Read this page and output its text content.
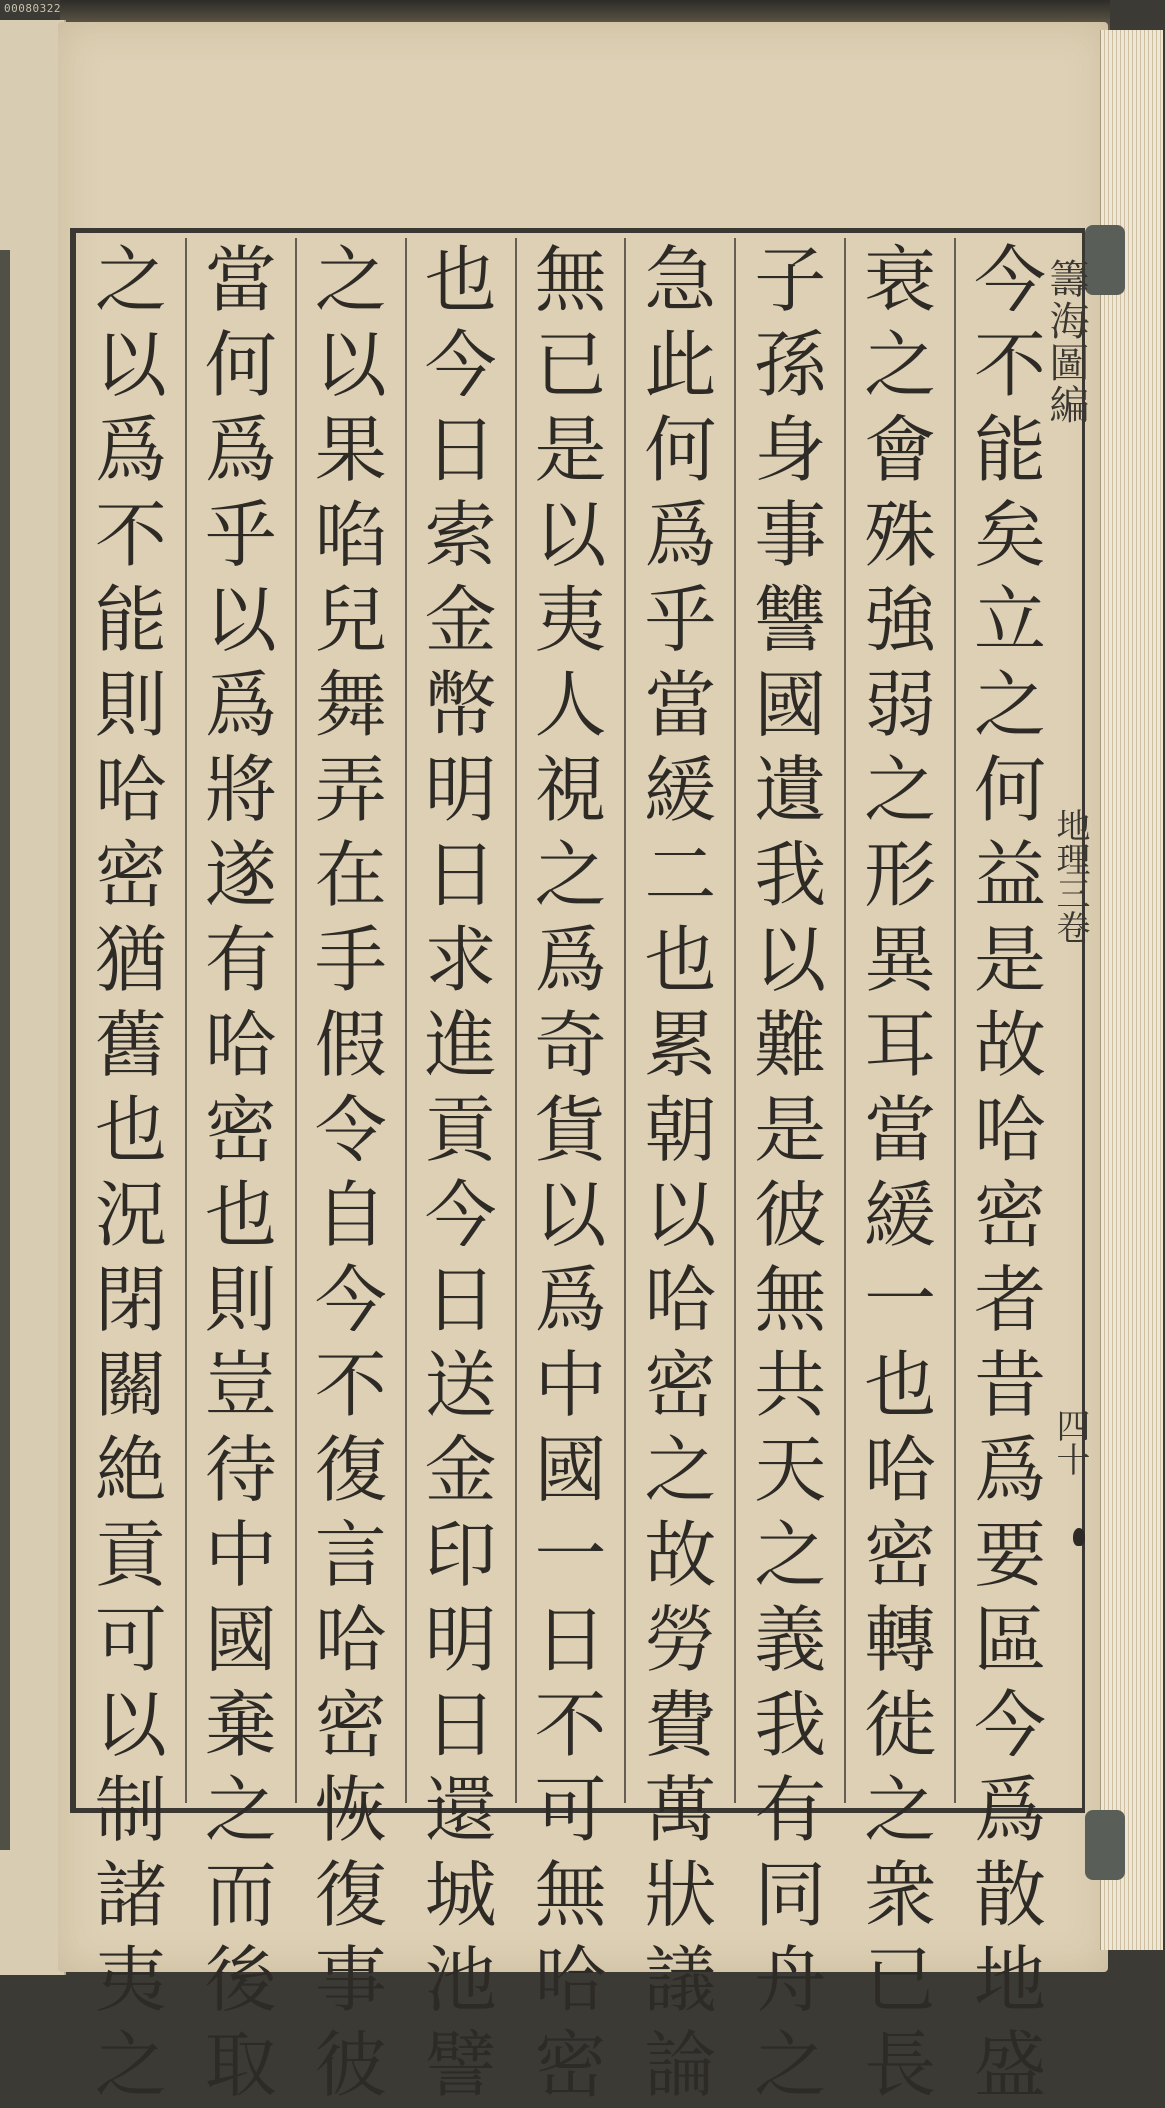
00080322
今
不
能
矣
立
之
何
益
是
故
哈
密
者
昔
爲
要
區
今
爲
散
地
盛
衰
之
會
殊
強
弱
之
形
異
耳
當
緩
一
也
哈
密
轉
徙
之
衆
已
長
子
孫
身
事
讐
國
遺
我
以
難
是
彼
無
共
天
之
義
我
有
同
舟
之
急
此
何
爲
乎
當
緩
二
也
累
朝
以
哈
密
之
故
勞
費
萬
狀
議
論
無
已
是
以
夷
人
視
之
爲
奇
貨
以
爲
中
國
一
日
不
可
無
哈
密
也
今
日
索
金
幣
明
日
求
進
貢
今
日
送
金
印
明
日
還
城
池
譬
之
以
果
啗
兒
舞
弄
在
手
假
令
自
今
不
復
言
哈
密
恢
復
事
彼
當
何
爲
乎
以
爲
將
遂
有
哈
密
也
則
豈
待
中
國
棄
之
而
後
取
之
以
爲
不
能
則
哈
密
猶
舊
也
況
閉
關
絶
貢
可
以
制
諸
夷
之
籌海圖編
地理三卷
四十
